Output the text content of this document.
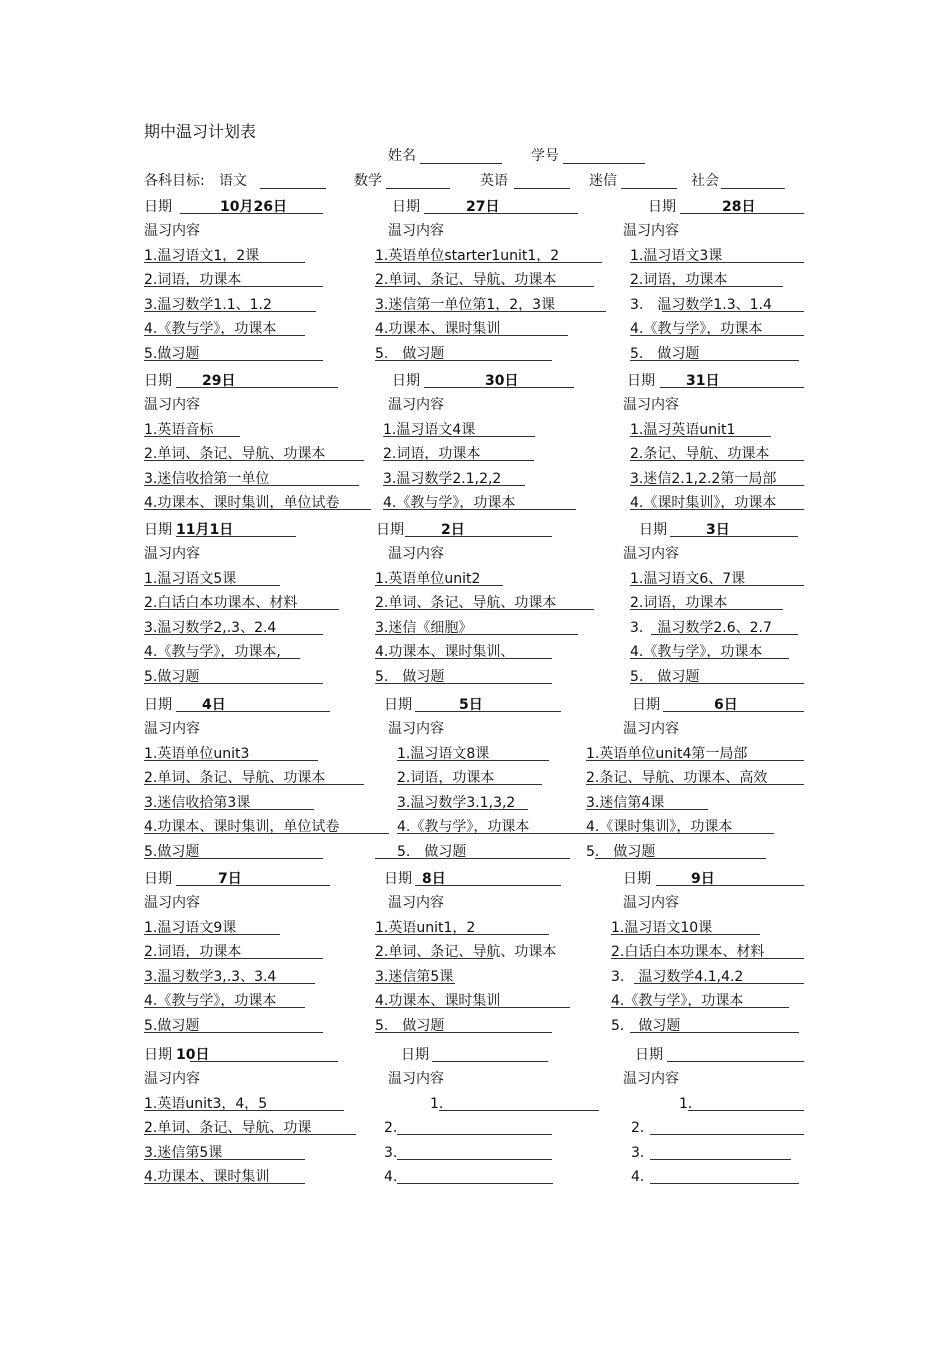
期中温习计划表
姓名	学号
各科目标: 语文	数学	英语	迷信	社会
日期	10月26日
温习内容
1.温习语文1，2课
2.词语，功课本
3.温习数学1.1、1.2
4.《教与学》，功课本
5.做习题
日期	27日
温习内容
1.英语单位starter1unit1，2
2.单词、条记、导航、功课本
3.迷信第一单位第1，2，3课
4.功课本、课时集训
5.　做习题
日期	28日
温习内容
1.温习语文3课
2.词语，功课本
3.　温习数学1.3、1.4
4.《教与学》，功课本
5.　做习题
日期 29日
温习内容
1.英语音标
2.单词、条记、导航、功课本
3.迷信收拾第一单位
4.功课本、课时集训，单位试卷
日期	30日
温习内容
1.温习语文4课
2.词语，功课本
3.温习数学2.1,2,2
4.《教与学》，功课本
日期 31日
温习内容
1.温习英语unit1
2.条记、导航、功课本
3.迷信2.1,2.2第一局部
4.《课时集训》，功课本
日期 11月1日
温习内容
1.温习语文5课
2.白话白本功课本、材料
3.温习数学2,.3、2.4
4.《教与学》，功课本,
5.做习题
日期	2日
温习内容
1.英语单位unit2
2.单词、条记、导航、功课本
3.迷信《细胞》
4.功课本、课时集训、
5.　做习题
日期	3日
温习内容
1.温习语文6、7课
2.词语，功课本
3.　温习数学2.6、2.7
4.《教与学》，功课本
5.　做习题
日期 4日
温习内容
1.英语单位unit3
2.单词、条记、导航、功课本
3.迷信收拾第3课
4.功课本、课时集训，单位试卷
5.做习题
日期	5日
温习内容
1.温习语文8课
2.词语，功课本
3.温习数学3.1,3,2
4.《教与学》，功课本
5.　做习题
日期	6日
温习内容
1.英语单位unit4第一局部
2.条记、导航、功课本、高效
3.迷信第4课
4.《课时集训》，功课本
5.　做习题
日期	7日
温习内容
1.温习语文9课
2.词语，功课本
3.温习数学3,.3、3.4
4.《教与学》，功课本
5.做习题
日期 8日
温习内容
1.英语unit1，2
2.单词、条记、导航、功课本
3.迷信第5课
4.功课本、课时集训
5.　做习题
日期	9日
温习内容
1.温习语文10课
2.白话白本功课本、材料
3.　温习数学4.1,4.2
4.《教与学》，功课本
5.　做习题
日期 10日
温习内容
1.英语unit3，4，5
2.单词、条记、导航、功课
3.迷信第5课
4.功课本、课时集训
日期
温习内容
1.
2.
3.
4.
日期
温习内容
1.
2.
3.
4.
